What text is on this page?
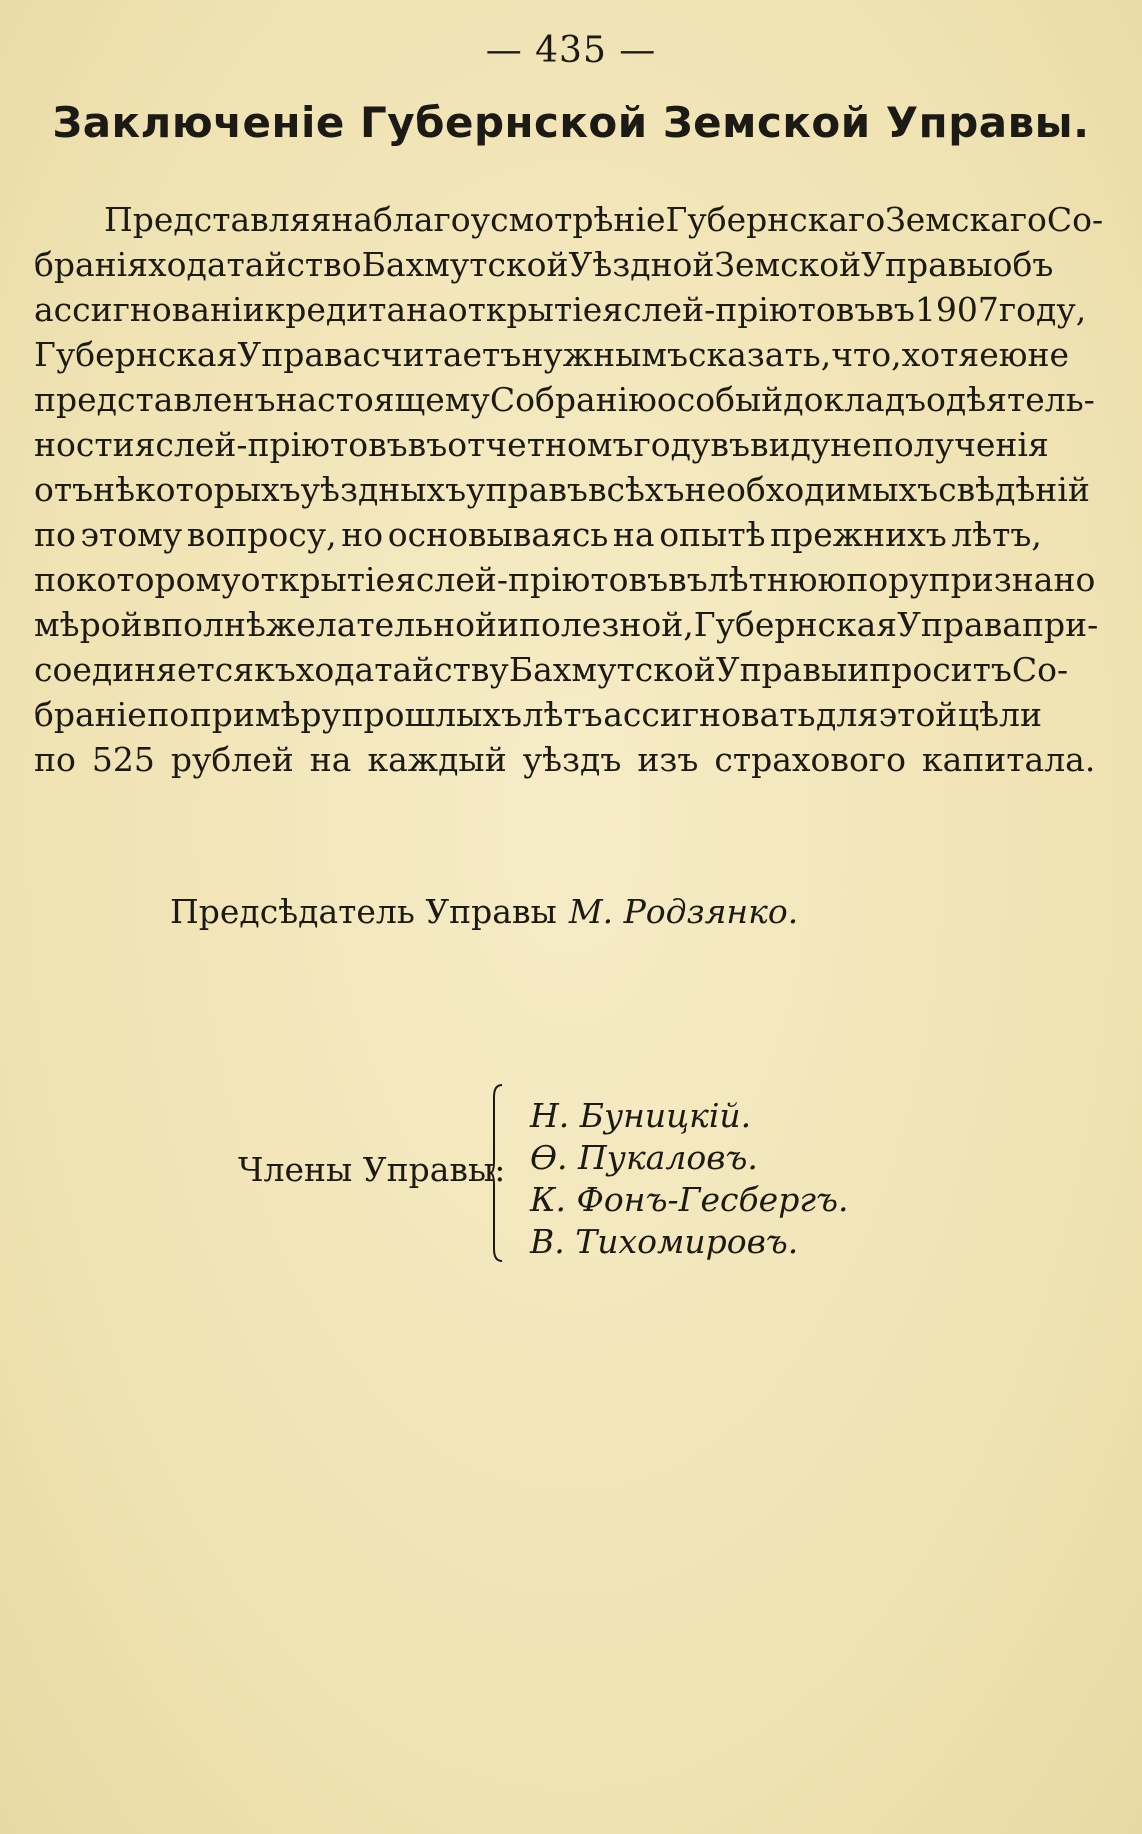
— 435 —
Заключеніе Губернской Земской Управы.
Представляя на благоусмотрѣніе Губернскаго Земскаго Со-
бранія ходатайство Бахмутской Уѣздной Земской Управы объ
ассигнованіи кредита на открытіе яслей-пріютовъ въ 1907 году,
Губернская Управа считаетъ нужнымъ сказать, что, хотя ею не
представленъ настоящему Собранію особый докладъ о дѣятель-
ности яслей-пріютовъ въ отчетномъ году въ виду неполученія
отъ нѣкоторыхъ уѣздныхъ управъ всѣхъ необходимыхъ свѣдѣній
по этому вопросу, но основываясь на опытѣ прежнихъ лѣтъ,
по которому открытіе яслей-пріютовъ въ лѣтнюю пору признано
мѣрой вполнѣ желательной и полезной, Губернская Управа при-
соединяется къ ходатайству Бахмутской Управы и проситъ Со-
браніе по примѣру прошлыхъ лѣтъ ассигновать для этой цѣли
по 525 рублей на каждый уѣздъ изъ страхового капитала.
Предсѣдатель Управы М. Родзянко.
Члены Управы:
Н. Буницкій.
Ѳ. Пукаловъ.
К. Фонъ-Гесбергъ.
В. Тихомировъ.
